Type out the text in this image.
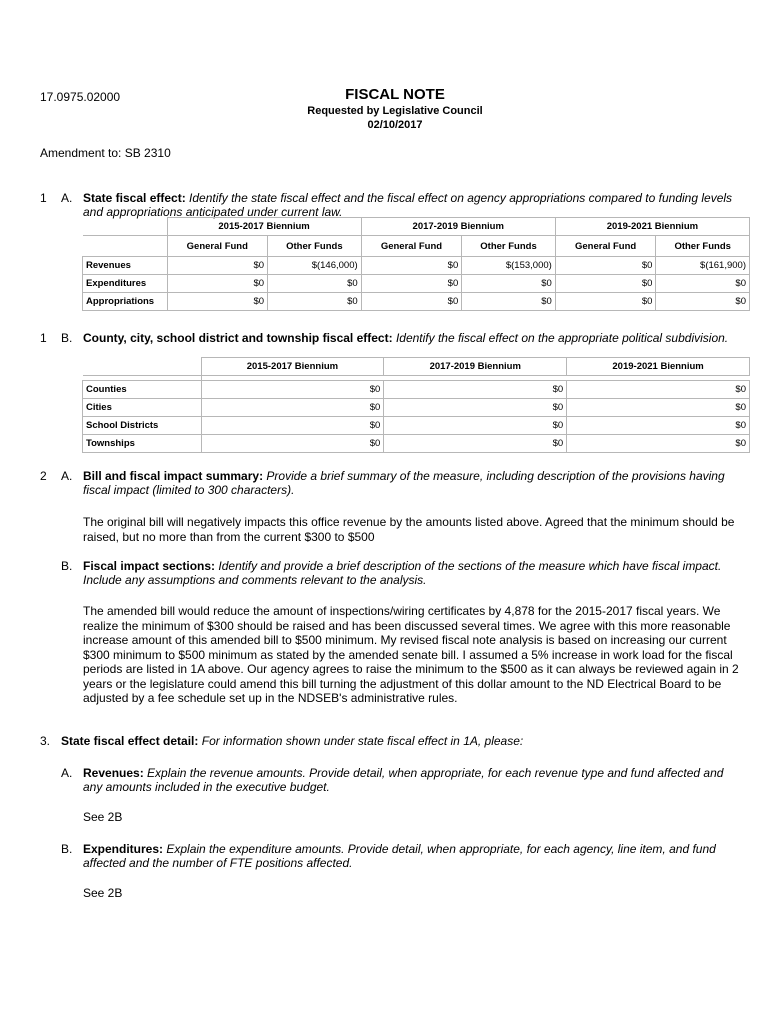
17.0975.02000	FISCAL NOTE
Requested by Legislative Council
02/10/2017
Amendment to: SB 2310
1 A. State fiscal effect: Identify the state fiscal effect and the fiscal effect on agency appropriations compared to funding levels and appropriations anticipated under current law.
	2015-2017 Biennium		2017-2019 Biennium		2019-2021 Biennium	
	General Fund	Other Funds	General Fund	Other Funds	General Fund	Other Funds
Revenues	$0	$(146,000)	$0	$(153,000)	$0	$(161,900)
Expenditures	$0	$0	$0	$0	$0	$0
Appropriations	$0	$0	$0	$0	$0	$0
1 B. County, city, school district and township fiscal effect: Identify the fiscal effect on the appropriate political subdivision.
	2015-2017 Biennium	2017-2019 Biennium	2019-2021 Biennium

Counties	$0	$0	$0
Cities	$0	$0	$0
School Districts	$0	$0	$0
Townships	$0	$0	$0
2 A. Bill and fiscal impact summary: Provide a brief summary of the measure, including description of the provisions having fiscal impact (limited to 300 characters).
The original bill will negatively impacts this office revenue by the amounts listed above. Agreed that the minimum should be raised, but no more than from the current $300 to $500
B. Fiscal impact sections: Identify and provide a brief description of the sections of the measure which have fiscal impact. Include any assumptions and comments relevant to the analysis.
The amended bill would reduce the amount of inspections/wiring certificates by 4,878 for the 2015-2017 fiscal years. We realize the minimum of $300 should be raised and has been discussed several times. We agree with this more reasonable increase amount of this amended bill to $500 minimum. My revised fiscal note analysis is based on increasing our current $300 minimum to $500 minimum as stated by the amended senate bill. I assumed a 5% increase in work load for the fiscal periods are listed in 1A above. Our agency agrees to raise the minimum to the $500 as it can always be reviewed again in 2 years or the legislature could amend this bill turning the adjustment of this dollar amount to the ND Electrical Board to be adjusted by a fee schedule set up in the NDSEB's administrative rules.
3. State fiscal effect detail: For information shown under state fiscal effect in 1A, please:
A. Revenues: Explain the revenue amounts. Provide detail, when appropriate, for each revenue type and fund affected and any amounts included in the executive budget.
See 2B
B. Expenditures: Explain the expenditure amounts. Provide detail, when appropriate, for each agency, line item, and fund affected and the number of FTE positions affected.
See 2B
